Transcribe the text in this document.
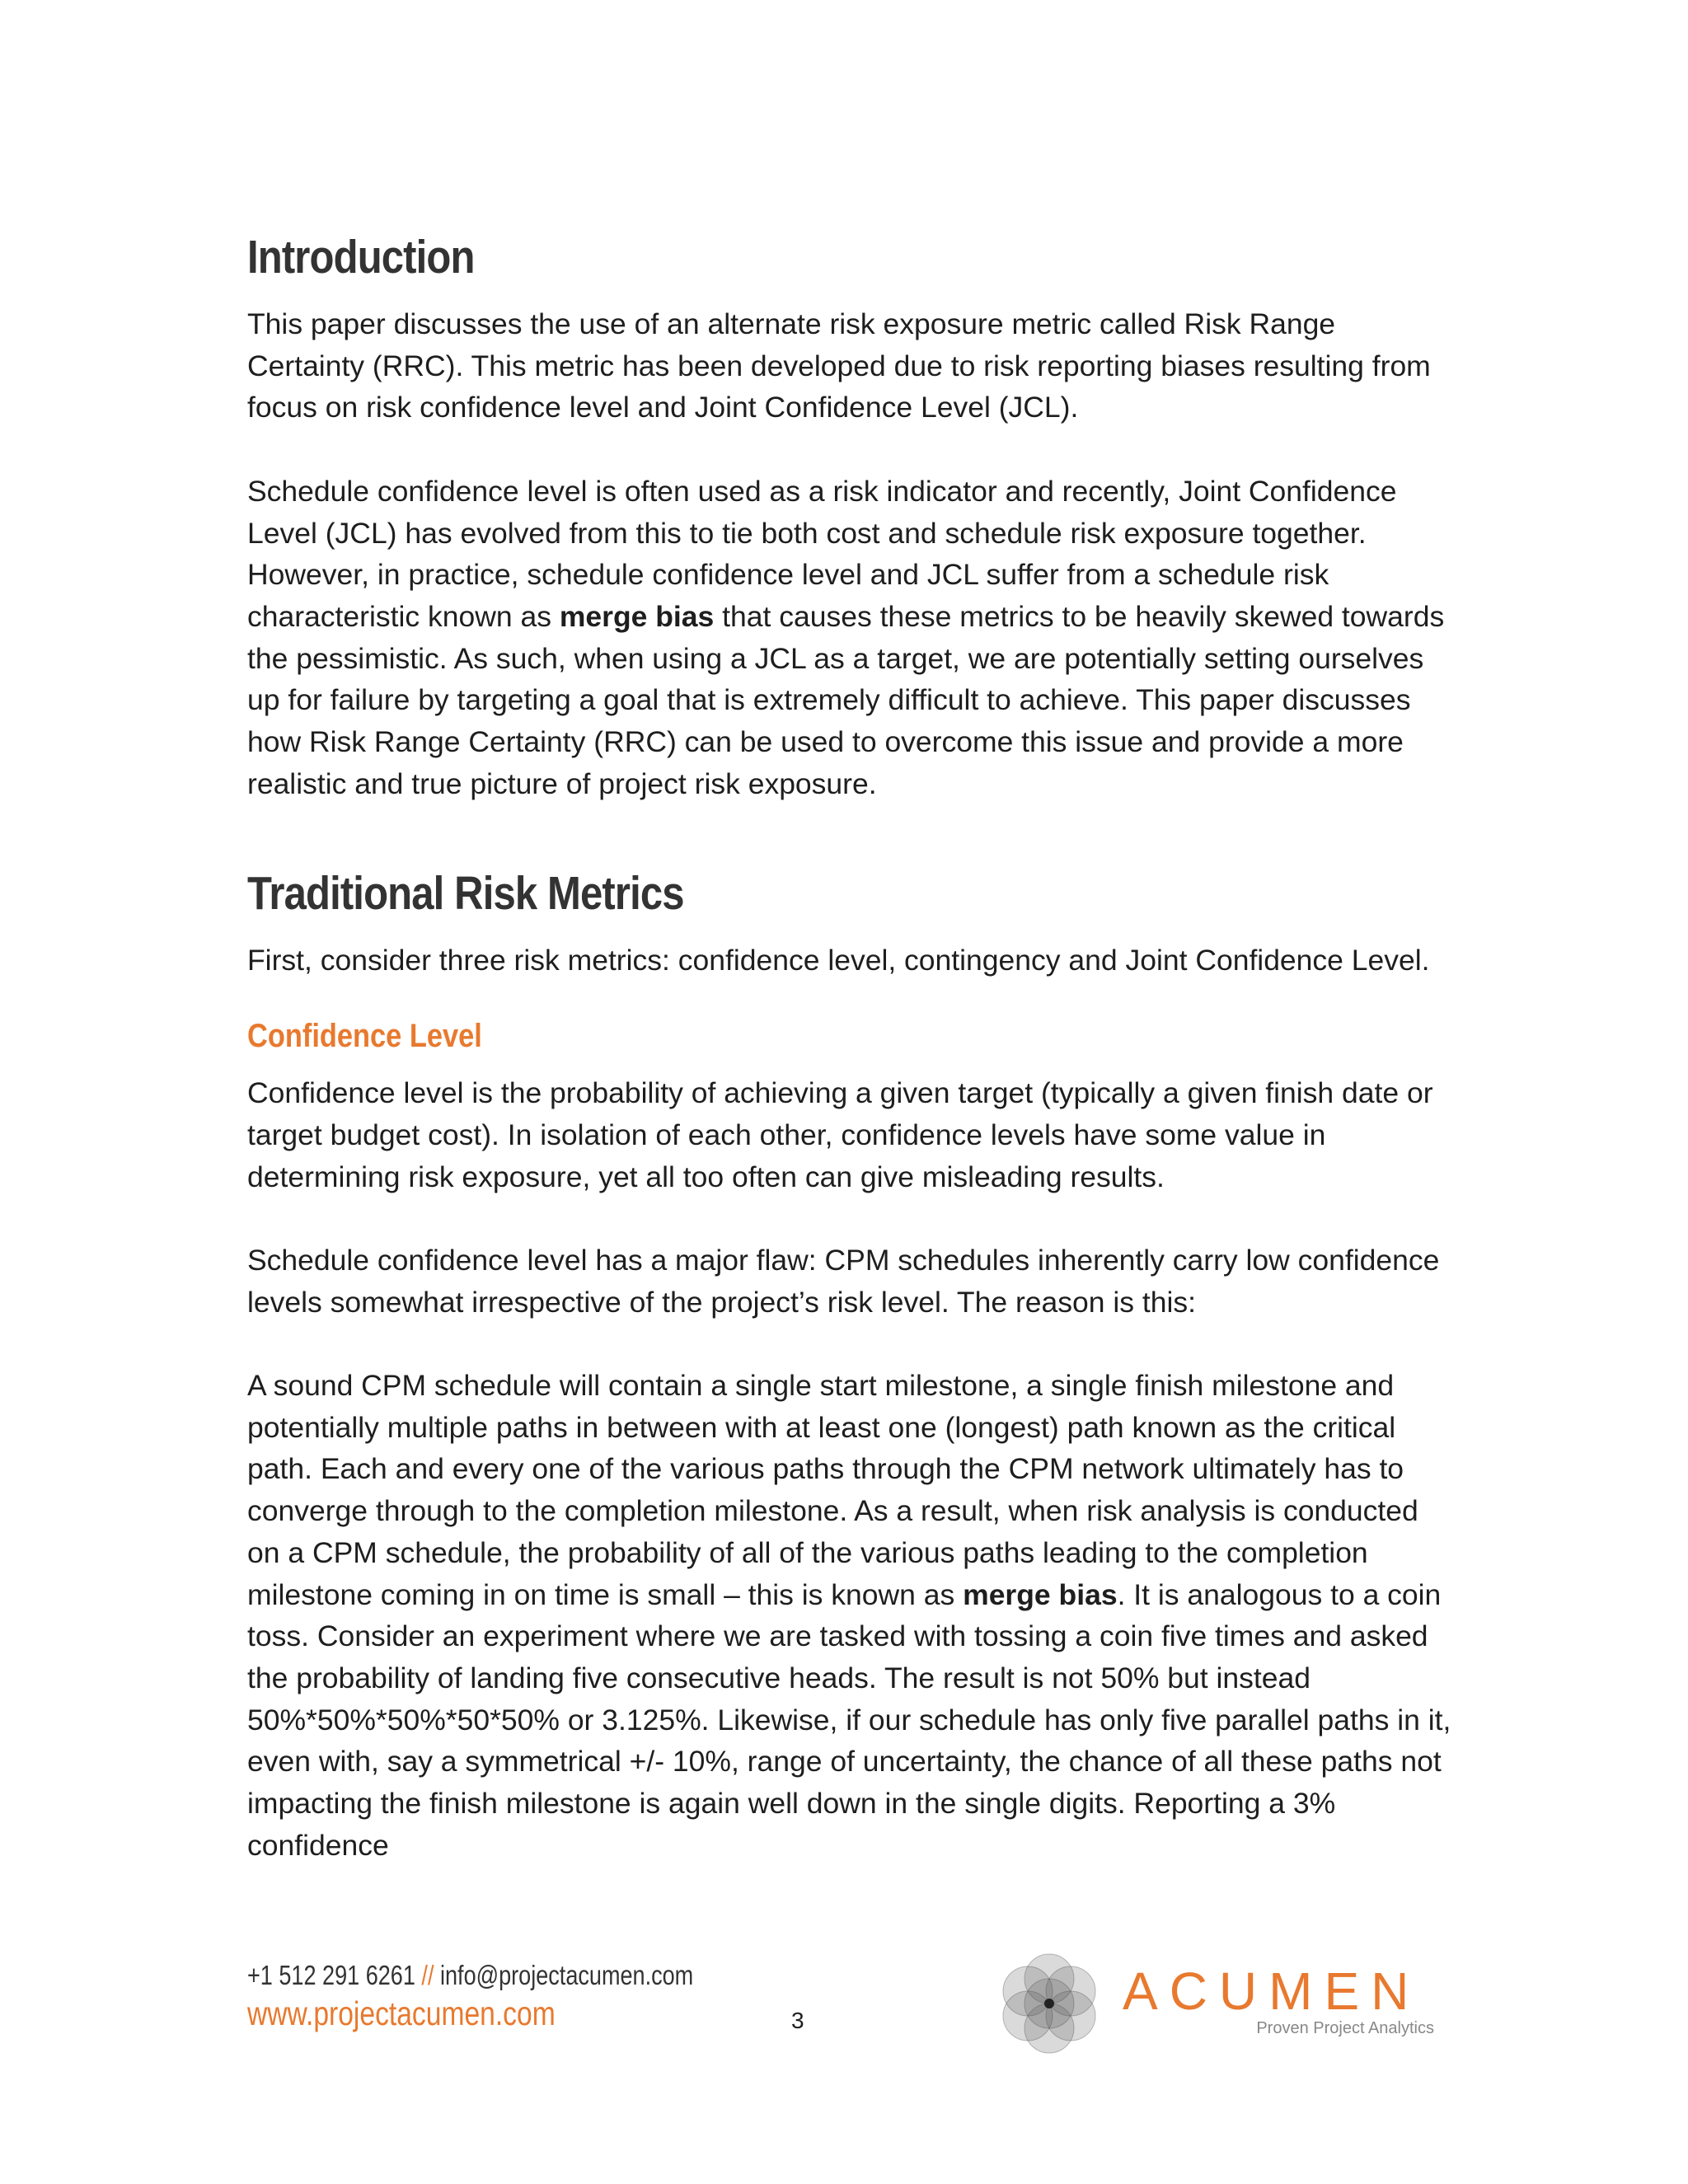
Introduction

This paper discusses the use of an alternate risk exposure metric called Risk Range Certainty (RRC). This metric has been developed due to risk reporting biases resulting from focus on risk confidence level and Joint Confidence Level (JCL).

Schedule confidence level is often used as a risk indicator and recently, Joint Confidence Level (JCL) has evolved from this to tie both cost and schedule risk exposure together. However, in practice, schedule confidence level and JCL suffer from a schedule risk characteristic known as merge bias that causes these metrics to be heavily skewed towards the pessimistic. As such, when using a JCL as a target, we are potentially setting ourselves up for failure by targeting a goal that is extremely difficult to achieve. This paper discusses how Risk Range Certainty (RRC) can be used to overcome this issue and provide a more realistic and true picture of project risk exposure.

Traditional Risk Metrics

First, consider three risk metrics: confidence level, contingency and Joint Confidence Level.

Confidence Level

Confidence level is the probability of achieving a given target (typically a given finish date or target budget cost). In isolation of each other, confidence levels have some value in determining risk exposure, yet all too often can give misleading results.

Schedule confidence level has a major flaw: CPM schedules inherently carry low confidence levels somewhat irrespective of the project’s risk level. The reason is this:

A sound CPM schedule will contain a single start milestone, a single finish milestone and potentially multiple paths in between with at least one (longest) path known as the critical path. Each and every one of the various paths through the CPM network ultimately has to converge through to the completion milestone. As a result, when risk analysis is conducted on a CPM schedule, the probability of all of the various paths leading to the completion milestone coming in on time is small – this is known as merge bias. It is analogous to a coin toss. Consider an experiment where we are tasked with tossing a coin five times and asked the probability of landing five consecutive heads. The result is not 50% but instead 50%*50%*50%*50*50% or 3.125%. Likewise, if our schedule has only five parallel paths in it, even with, say a symmetrical +/- 10%, range of uncertainty, the chance of all these paths not impacting the finish milestone is again well down in the single digits. Reporting a 3% confidence

+1 512 291 6261 // info@projectacumen.com
www.projectacumen.com	3	ACUMEN
Proven Project Analytics
